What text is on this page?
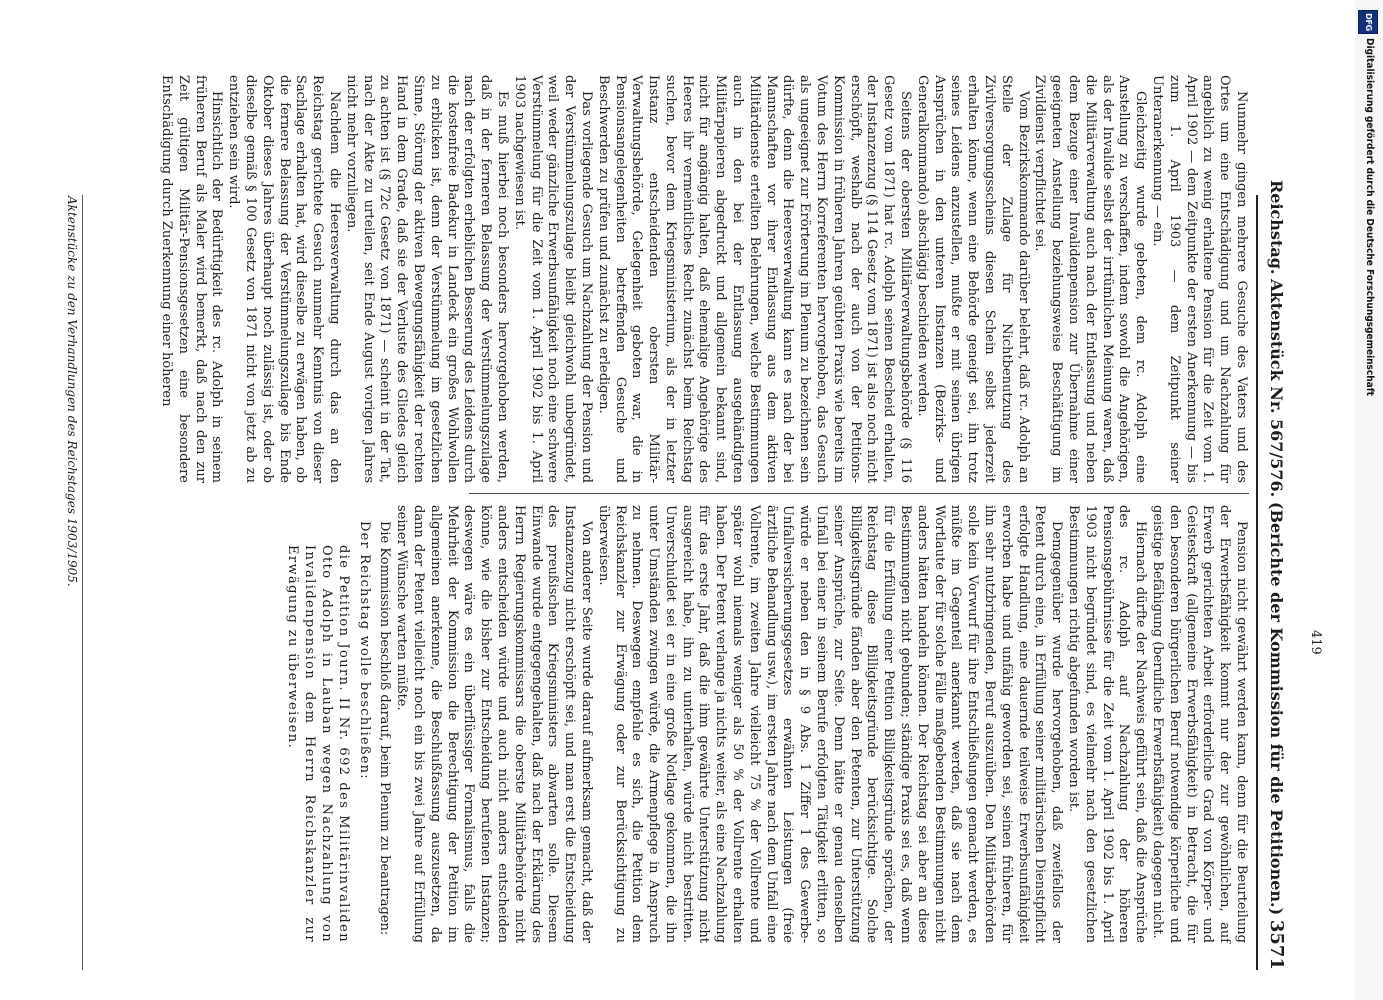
DFG
Digitalisierung gefördert durch die Deutsche Forschungsgemeinschaft
419
Reichstag.
Aktenstück Nr. 567/576.
(Berichte der Kommission für die Petitionen.)
3571

Nunmehr gingen mehrere Gesuche des Vaters und des Ortes um eine Entschädigung und um Nachzahlung für angeblich zu wenig erhaltene Pension für die Zeit vom 1. April 1902 — dem Zeitpunkte der ersten Anerkennung — bis zum 1. April 1903 — dem Zeitpunkt seiner Unteranerkennung — ein.

Gleichzeitig wurde gebeten, dem rc. Adolph eine Anstellung zu verschaffen, indem sowohl die Angehörigen, als der Invalide selbst der irrtümlichen Meinung waren, daß die Militärverwaltung auch nach der Entlassung und neben dem Bezuge einer Invalidenpension zur Übernahme einer geeigneten Anstellung beziehungsweise Beschäftigung im Zivildienst verpflichtet sei.

Vom Bezirkskommando darüber belehrt, daß rc. Adolph an Stelle der Zulage für Nichtbenutzung des Zivilversorgungsscheins diesen Schein selbst jederzeit erhalten könne, wenn eine Behörde geneigt sei, ihn trotz seines Leidens anzustellen, mußte er mit seinen übrigen Ansprüchen in den unteren Instanzen (Bezirks- und Generalkommando) abschlägig beschieden werden.

Seitens der obersten Militärverwaltungsbehörde (§ 116 Gesetz vom 1871) hat rc. Adolph seinen Bescheid erhalten, der Instanzenzug (§ 114 Gesetz vom 1871) ist also noch nicht erschöpft, weshalb nach der auch von der Petitions-Kommission in früheren Jahren geübten Praxis wie bereits im Votum des Herrn Korreferenten hervorgehoben, das Gesuch als ungeeignet zur Erörterung im Plenum zu bezeichnen sein dürfte, denn die Heeresverwaltung kann es nach der bei Mannschaften vor ihrer Entlassung aus dem aktiven Militärdienste erteilten Belehrungen, welche Bestimmungen auch in den bei der Entlassung ausgehändigten Militärpapieren abgedruckt und allgemein bekannt sind, nicht für angängig halten, daß ehemalige Angehörige des Heeres ihr vermeintliches Recht zunächst beim Reichstag suchen, bevor dem Kriegsministerium, als der in letzter Instanz entscheidenden obersten Militär-Verwaltungsbehörde, Gelegenheit geboten war, die in Pensionsangelegenheiten betreffenden Gesuche und Beschwerden zu prüfen und zunächst zu erledigen.

Das vorliegende Gesuch um Nachzahlung der Pension und der Verstümmelungszulage bleibt gleichwohl unbegründet, weil weder gänzliche Erwerbsunfähigkeit noch eine schwere Verstümmelung für die Zeit vom 1. April 1902 bis 1. April 1903 nachgewiesen ist.

Es muß hierbei noch besonders hervorgehoben werden, daß in der ferneren Belassung der Verstümmelungszulage nach der erfolgten erheblichen Besserung des Leidens durch die kostenfreie Badekur in Landeck ein großes Wohlwollen zu erblicken ist, denn der Verstümmelung im gesetzlichen Sinne, Störung der aktiven Bewegungsfähigkeit der rechten Hand in dem Grade, daß sie der Verluste des Gliedes gleich zu achten ist (§ 72c Gesetz von 1871) — scheint in der Tat, nach der Akte zu urteilen, seit Ende August vorigen Jahres nicht mehr vorzuliegen.

Nachdem die Heeresverwaltung durch das an den Reichstag gerichtete Gesuch nunmehr Kenntnis von dieser Sachlage erhalten hat, wird dieselbe zu erwägen haben, ob die fernere Belassung der Verstümmelungszulage bis Ende Oktober dieses Jahres überhaupt noch zulässig ist, oder ob dieselbe gemäß § 100 Gesetz von 1871 nicht von jetzt ab zu entziehen sein wird.

Hinsichtlich der Bedürftigkeit des rc. Adolph in seinem früheren Beruf als Maler wird bemerkt, daß nach den zur Zeit gültigen Militär-Pensionsgesetzen eine besondere Entschädigung durch Zuerkennung einer höheren

Pension nicht gewährt werden kann, denn für die Beurteilung der Erwerbsfähigkeit kommt nur der zur gewöhnlichen, auf Erwerb gerichteten Arbeit erforderliche Grad von Körper- und Geisteskraft (allgemeine Erwerbsfähigkeit) in Betracht, die für den besonderen bürgerlichen Beruf notwendige körperliche und geistige Befähigung (berufliche Erwerbsfähigkeit) dagegen nicht.

Hiernach dürfte der Nachweis geführt sein, daß die Ansprüche des rc. Adolph auf Nachzahlung der höheren Pensionsgebührnisse für die Zeit vom 1. April 1902 bis 1. April 1903 nicht begründet sind, es vielmehr nach den gesetzlichen Bestimmungen richtig abgefunden worden ist.

Demgegenüber wurde hervorgehoben, daß zweifellos der Petent durch eine, in Erfüllung seiner militärischen Dienstpflicht erfolgte Handlung, eine dauernde teilweise Erwerbsunfähigkeit erworben habe und unfähig geworden sei, seinen früheren, für ihn sehr nutzbringenden, Beruf auszuüben. Den Militärbehörden solle kein Vorwurf für ihre Entschließungen gemacht werden, es müßte im Gegenteil anerkannt werden, daß sie nach dem Wortlaute der für solche Fälle maßgebenden Bestimmungen nicht anders hätten handeln können. Der Reichstag sei aber an diese Bestimmungen nicht gebunden; ständige Praxis sei es, daß wenn für die Erfüllung einer Petition Billigkeitsgründe sprächen, der Reichstag diese Billigkeitsgründe berücksichtige. Solche Billigkeitsgründe fänden aber den Petenten, zur Unterstützung seiner Ansprüche, zur Seite. Denn hätte er genau denselben Unfall bei einer in seinem Berufe erfolgten Tätigkeit erlitten, so würde er neben den in § 9 Abs. 1 Ziffer 1 des Gewerbe-Unfallversicherungsgesetzes erwähnten Leistungen (freie ärztliche Behandlung usw.), im ersten Jahre nach dem Unfall eine Vollrente, im zweiten Jahre vielleicht 75 % der Vollrente und später wohl niemals weniger als 50 % der Vollrente erhalten haben. Der Petent verlange ja nichts weiter, als eine Nachzahlung für das erste Jahr, daß die ihm gewährte Unterstützung nicht ausgereicht habe, ihn zu unterhalten, würde nicht bestritten. Unverschuldet sei er in eine große Notlage gekommen, die ihn unter Umständen zwingen würde, die Armenpflege in Anspruch zu nehmen. Deswegen empfehle es sich, die Petition dem Reichskanzler zur Erwägung oder zur Berücksichtigung zu überweisen.

Von anderer Seite wurde darauf aufmerksam gemacht, daß der Instanzenzug nicht erschöpft sei, und man erst die Entscheidung des preußischen Kriegsministers abwarten solle. Diesem Einwande wurde entgegengehalten, daß nach der Erklärung des Herrn Regierungskommissars die oberste Militärbehörde nicht anders entscheiden würde und auch nicht anders entscheiden könne, wie die bisher zur Entscheidung berufenen Instanzen; deswegen wäre es ein überflüssiger Formalismus, falls die Mehrheit der Kommission die Berechtigung der Petition im allgemeinen anerkenne, die Beschlußfassung auszusetzen, da dann der Petent vielleicht noch ein bis zwei Jahre auf Erfüllung seiner Wünsche warten müßte.

Die Kommission beschloß darauf, beim Plenum zu beantragen:

Der Reichstag wolle beschließen:
die Petition Journ. II Nr. 692 des Militärinvaliden Otto Adolph in Lauban wegen Nachzahlung von Invalidenpension dem Herrn Reichskanzler zur Erwägung zu überweisen.
Aktenstücke zu den Verhandlungen des Reichstages 1903/1905.
